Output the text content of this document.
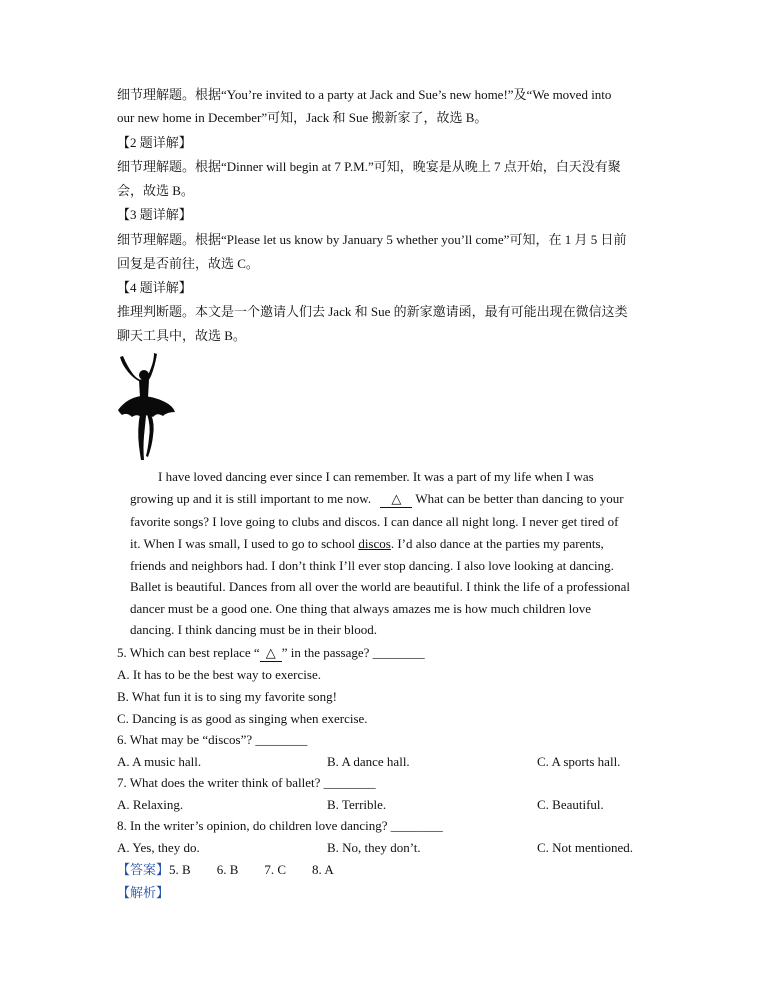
细节理解题。根据“You’re invited to a party at Jack and Sue’s new home!”及“We moved into
our new home in December”可知，Jack 和 Sue 搬新家了，故选 B。
【2 题详解】
细节理解题。根据“Dinner will begin at 7 P.M.”可知，晚宴是从晚上 7 点开始，白天没有聚
会，故选 B。
【3 题详解】
细节理解题。根据“Please let us know by January 5 whether you’ll come”可知，在 1 月 5 日前
回复是否前往，故选 C。
【4 题详解】
推理判断题。本文是一个邀请人们去 Jack 和 Sue 的新家邀请函，最有可能出现在微信这类
聊天工具中，故选 B。
I have loved dancing ever since I can remember. It was a part of my life when I was
growing up and it is still important to me now. △ What can be better than dancing to your
favorite songs? I love going to clubs and discos. I can dance all night long. I never get tired of
it. When I was small, I used to go to school discos. I’d also dance at the parties my parents,
friends and neighbors had. I don’t think I’ll ever stop dancing. I also love looking at dancing.
Ballet is beautiful. Dances from all over the world are beautiful. I think the life of a professional
dancer must be a good one. One thing that always amazes me is how much children love
dancing. I think dancing must be in their blood.
5. Which can best replace “ △ ” in the passage? ________
A. It has to be the best way to exercise.
B. What fun it is to sing my favorite song!
C. Dancing is as good as singing when exercise.
6. What may be “discos”? ________
A. A music hall.	B. A dance hall.	C. A sports hall.
7. What does the writer think of ballet? ________
A. Relaxing.	B. Terrible.	C. Beautiful.
8. In the writer’s opinion, do children love dancing? ________
A. Yes, they do.	B. No, they don’t.	C. Not mentioned.
【答案】5. B 6. B 7. C 8. A
【解析】
